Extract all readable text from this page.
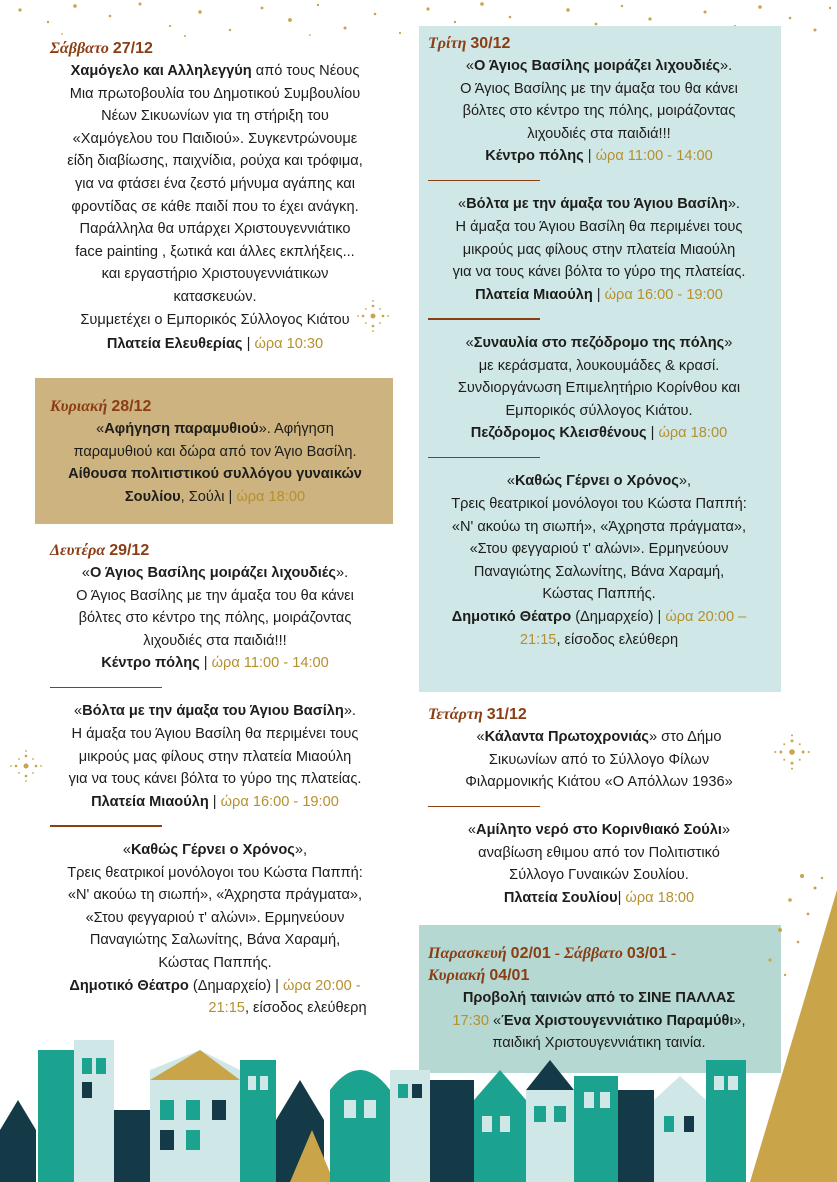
Σάββατο 27/12
Χαμόγελο και Αλληλεγγύη από τους Νέους
Μια πρωτοβουλία του Δημοτικού Συμβουλίου
Νέων Σικυωνίων για τη στήριξη του
«Χαμόγελου του Παιδιού». Συγκεντρώνουμε
είδη διαβίωσης, παιχνίδια, ρούχα και τρόφιμα,
για να φτάσει ένα ζεστό μήνυμα αγάπης και
φροντίδας σε κάθε παιδί που το έχει ανάγκη.
Παράλληλα θα υπάρχει Χριστουγεννιάτικο
face painting , ξωτικά και άλλες εκπλήξεις...
και εργαστήριο Χριστουγεννιάτικων
κατασκευών.
Συμμετέχει ο Εμπορικός Σύλλογος Κιάτου
Πλατεία Ελευθερίας | ώρα 10:30
Κυριακή 28/12
«Αφήγηση παραμυθιού». Αφήγηση
παραμυθιού και δώρα από τον Άγιο Βασίλη.
Αίθουσα πολιτιστικού συλλόγου γυναικών
Σουλίου, Σούλι | ώρα 18:00
Δευτέρα 29/12
«Ο Άγιος Βασίλης μοιράζει λιχουδιές».
Ο Άγιος Βασίλης με την άμαξα του θα κάνει
βόλτες στο κέντρο της πόλης, μοιράζοντας
λιχουδιές στα παιδιά!!!
Κέντρο πόλης | ώρα 11:00 - 14:00
«Βόλτα με την άμαξα του Άγιου Βασίλη».
Η άμαξα του Άγιου Βασίλη θα περιμένει τους
μικρούς μας φίλους στην πλατεία Μιαούλη
για να τους κάνει βόλτα το γύρο της πλατείας.
Πλατεία Μιαούλη | ώρα 16:00 - 19:00
«Καθώς Γέρνει ο Χρόνος»,
Τρεις θεατρικοί μονόλογοι του Κώστα Παππή:
«Ν' ακούω τη σιωπή», «Άχρηστα πράγματα»,
«Στου φεγγαριού τ' αλώνι». Ερμηνεύουν
Παναγιώτης Σαλωνίτης, Βάνα Χαραμή,
Κώστας Παππής.
Δημοτικό Θέατρο (Δημαρχείο) | ώρα 20:00 -
21:15, είσοδος ελεύθερη
Τρίτη 30/12
«Ο Άγιος Βασίλης μοιράζει λιχουδιές».
Ο Άγιος Βασίλης με την άμαξα του θα κάνει
βόλτες στο κέντρο της πόλης, μοιράζοντας
λιχουδιές στα παιδιά!!!
Κέντρο πόλης | ώρα 11:00 - 14:00
«Βόλτα με την άμαξα του Άγιου Βασίλη».
Η άμαξα του Άγιου Βασίλη θα περιμένει τους
μικρούς μας φίλους στην πλατεία Μιαούλη
για να τους κάνει βόλτα το γύρο της πλατείας.
Πλατεία Μιαούλη | ώρα 16:00 - 19:00
«Συναυλία στο πεζόδρομο της πόλης»
με κεράσματα, λουκουμάδες & κρασί.
Συνδιοργάνωση Επιμελητήριο Κορίνθου και
Εμπορικός σύλλογος Κιάτου.
Πεζόδρομος Κλεισθένους | ώρα 18:00
«Καθώς Γέρνει ο Χρόνος»,
Τρεις θεατρικοί μονόλογοι του Κώστα Παππή:
«Ν' ακούω τη σιωπή», «Άχρηστα πράγματα»,
«Στου φεγγαριού τ' αλώνι». Ερμηνεύουν
Παναγιώτης Σαλωνίτης, Βάνα Χαραμή,
Κώστας Παππής.
Δημοτικό Θέατρο (Δημαρχείο) | ώρα 20:00 –
21:15, είσοδος ελεύθερη
Τετάρτη 31/12
«Κάλαντα Πρωτοχρονιάς» στο Δήμο
Σικυωνίων από το Σύλλογο Φίλων
Φιλαρμονικής Κιάτου «Ο Απόλλων 1936»
«Αμίλητο νερό στο Κορινθιακό Σούλι»
αναβίωση εθιμου από τον Πολιτιστικό
Σύλλογο Γυναικών Σουλίου.
Πλατεία Σουλίου| ώρα 18:00
Παρασκευή 02/01 - Σάββατο 03/01 -
Κυριακή 04/01
Προβολή ταινιών από το ΣΙΝΕ ΠΑΛΛΑΣ
17:30 «Ένα Χριστουγεννιάτικο Παραμύθι»,
παιδική Χριστουγεννιάτικη ταινία.
